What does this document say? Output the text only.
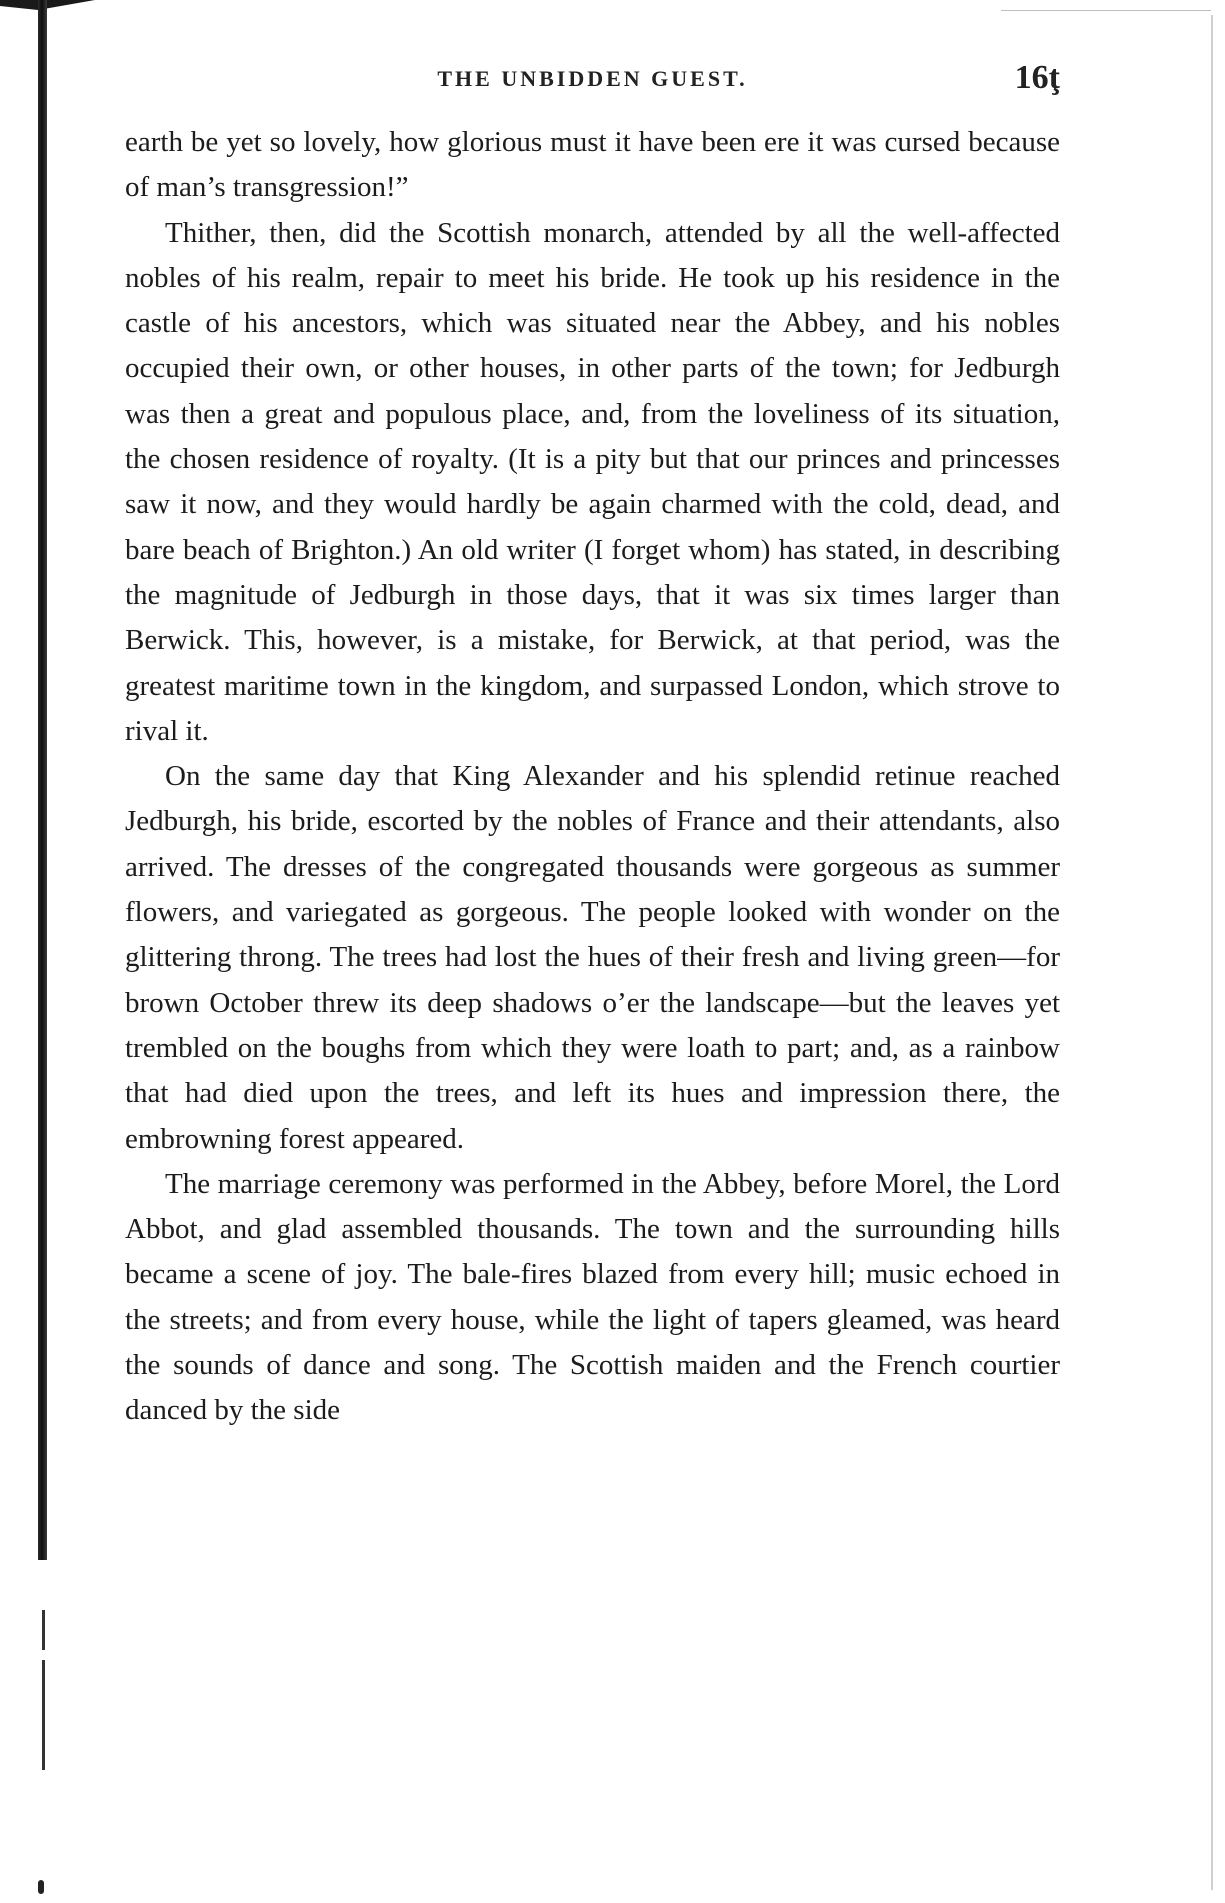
THE UNBIDDEN GUEST.	16ţ

earth be yet so lovely, how glorious must it have been ere it was cursed because of man’s transgression!”

Thither, then, did the Scottish monarch, attended by all the well-affected nobles of his realm, repair to meet his bride. He took up his residence in the castle of his ancestors, which was situated near the Abbey, and his nobles occupied their own, or other houses, in other parts of the town; for Jedburgh was then a great and populous place, and, from the loveliness of its situation, the chosen residence of royalty. (It is a pity but that our princes and princesses saw it now, and they would hardly be again charmed with the cold, dead, and bare beach of Brighton.) An old writer (I forget whom) has stated, in describing the magnitude of Jedburgh in those days, that it was six times larger than Berwick. This, however, is a mistake, for Berwick, at that period, was the greatest maritime town in the kingdom, and surpassed London, which strove to rival it.

On the same day that King Alexander and his splendid retinue reached Jedburgh, his bride, escorted by the nobles of France and their attendants, also arrived. The dresses of the congregated thousands were gorgeous as summer flowers, and variegated as gorgeous. The people looked with wonder on the glittering throng. The trees had lost the hues of their fresh and living green—for brown October threw its deep shadows o’er the landscape—but the leaves yet trembled on the boughs from which they were loath to part; and, as a rainbow that had died upon the trees, and left its hues and impression there, the embrowning forest appeared.

The marriage ceremony was performed in the Abbey, before Morel, the Lord Abbot, and glad assembled thousands. The town and the surrounding hills became a scene of joy. The bale-fires blazed from every hill; music echoed in the streets; and from every house, while the light of tapers gleamed, was heard the sounds of dance and song. The Scottish maiden and the French courtier danced by the side
